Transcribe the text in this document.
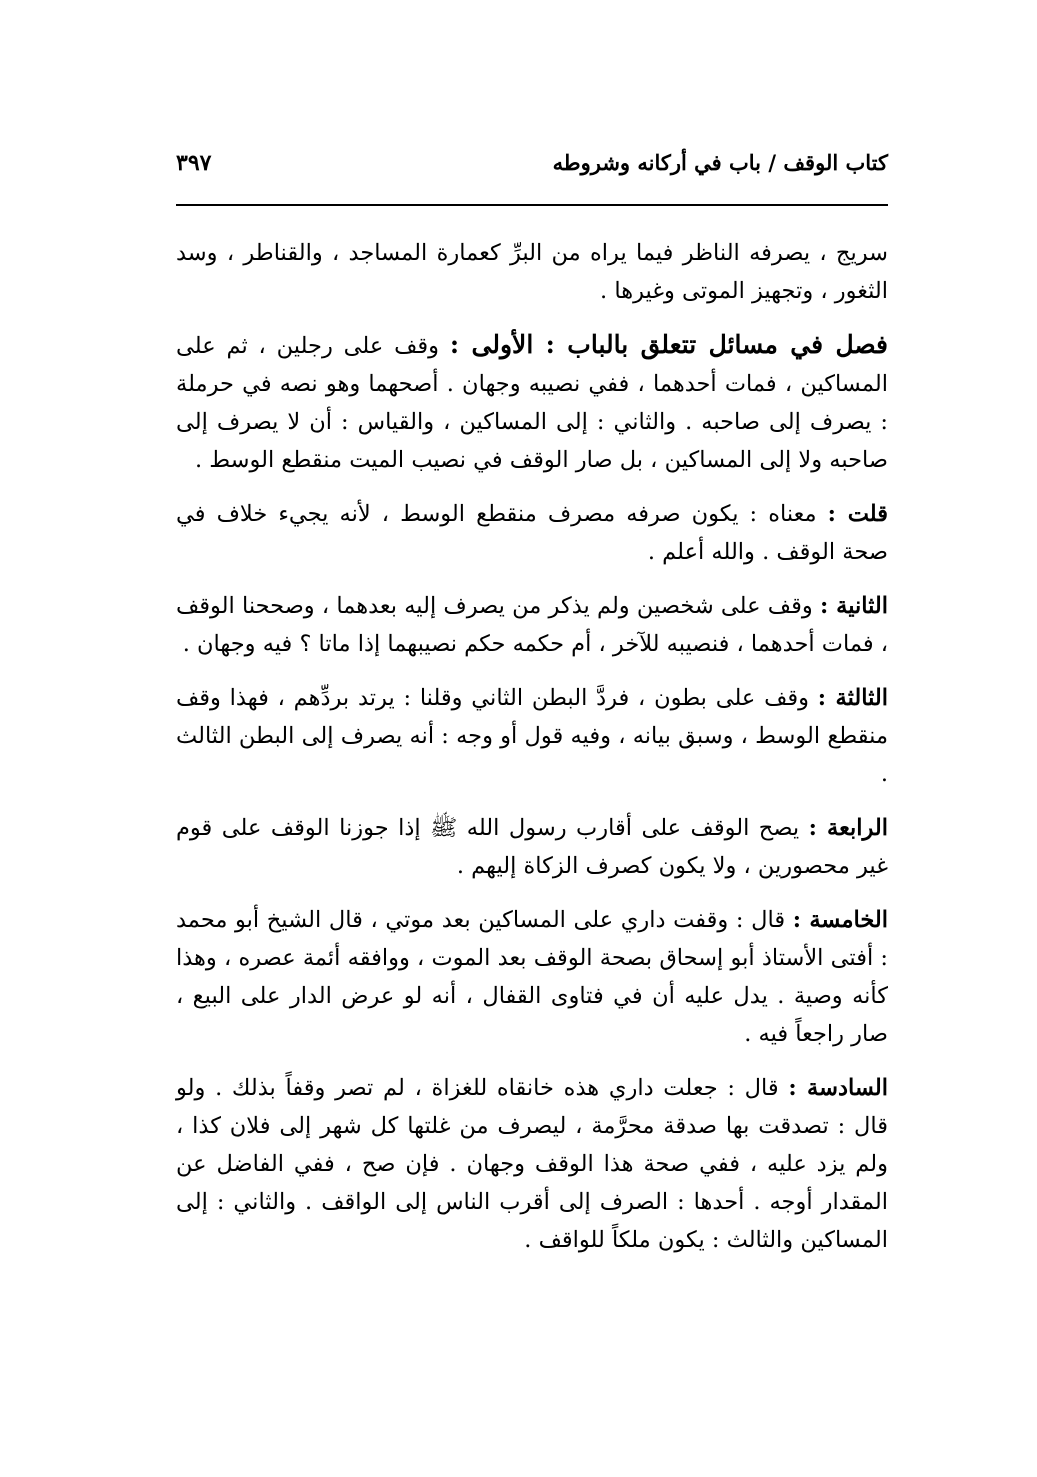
كتاب الوقف / باب في أركانه وشروطه
٣٩٧

سريج ، يصرفه الناظر فيما يراه من البرِّ كعمارة المساجد ، والقناطر ، وسد الثغور ، وتجهيز الموتى وغيرها .

فصل في مسائل تتعلق بالباب : الأولى : وقف على رجلين ، ثم على المساكين ، فمات أحدهما ، ففي نصيبه وجهان . أصحهما وهو نصه في حرملة : يصرف إلى صاحبه . والثاني : إلى المساكين ، والقياس : أن لا يصرف إلى صاحبه ولا إلى المساكين ، بل صار الوقف في نصيب الميت منقطع الوسط .

قلت : معناه : يكون صرفه مصرف منقطع الوسط ، لأنه يجيء خلاف في صحة الوقف . والله أعلم .

الثانية : وقف على شخصين ولم يذكر من يصرف إليه بعدهما ، وصححنا الوقف ، فمات أحدهما ، فنصيبه للآخر ، أم حكمه حكم نصيبهما إذا ماتا ؟ فيه وجهان .

الثالثة : وقف على بطون ، فردَّ البطن الثاني وقلنا : يرتد بردِّهم ، فهذا وقف منقطع الوسط ، وسبق بيانه ، وفيه قول أو وجه : أنه يصرف إلى البطن الثالث .

الرابعة : يصح الوقف على أقارب رسول الله ﷺ إذا جوزنا الوقف على قوم غير محصورين ، ولا يكون كصرف الزكاة إليهم .

الخامسة : قال : وقفت داري على المساكين بعد موتي ، قال الشيخ أبو محمد : أفتى الأستاذ أبو إسحاق بصحة الوقف بعد الموت ، ووافقه أئمة عصره ، وهذا كأنه وصية . يدل عليه أن في فتاوى القفال ، أنه لو عرض الدار على البيع ، صار راجعاً فيه .

السادسة : قال : جعلت داري هذه خانقاه للغزاة ، لم تصر وقفاً بذلك . ولو قال : تصدقت بها صدقة محرَّمة ، ليصرف من غلتها كل شهر إلى فلان كذا ، ولم يزد عليه ، ففي صحة هذا الوقف وجهان . فإن صح ، ففي الفاضل عن المقدار أوجه . أحدها : الصرف إلى أقرب الناس إلى الواقف . والثاني : إلى المساكين والثالث : يكون ملكاً للواقف .
